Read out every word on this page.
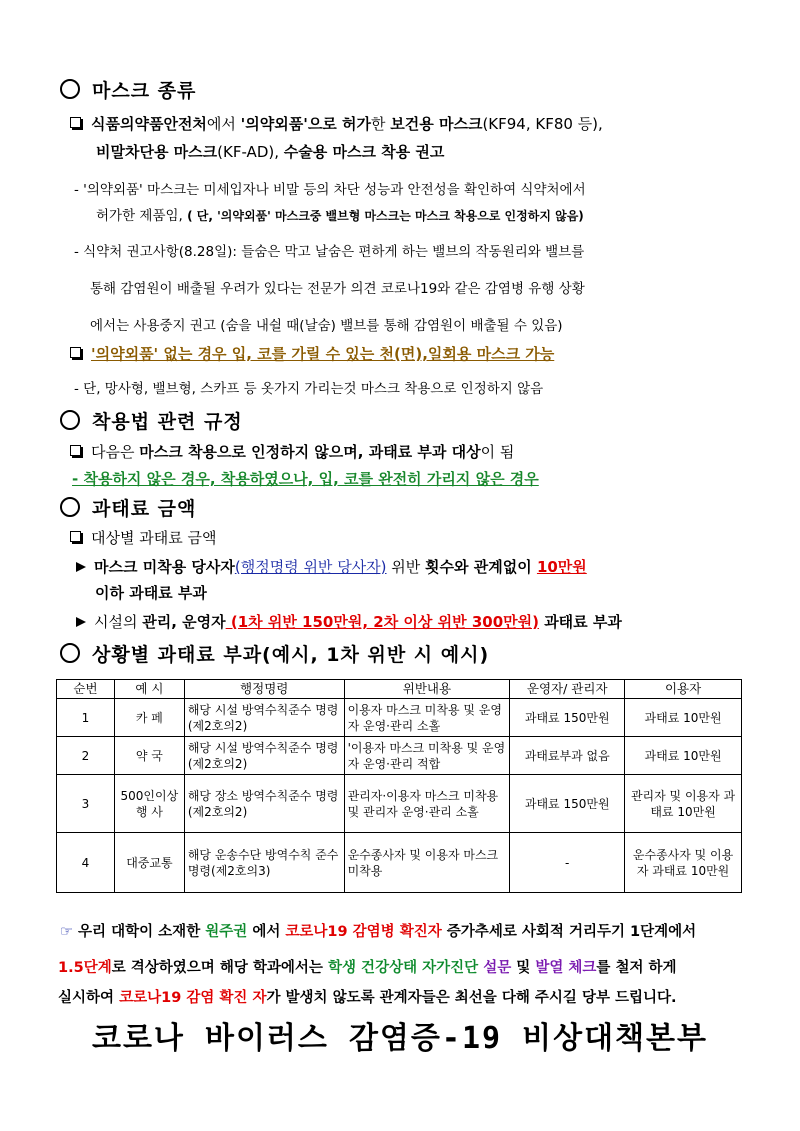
마스크 종류
식품의약품안전처에서 '의약외품'으로 허가한 보건용 마스크(KF94, KF80 등),
비말차단용 마스크(KF-AD), 수술용 마스크 착용 권고
- '의약외품' 마스크는 미세입자나 비말 등의 차단 성능과 안전성을 확인하여 식약처에서
허가한 제품임, ( 단, '의약외품' 마스크중 밸브형 마스크는 마스크 착용으로 인정하지 않음)
- 식약처 권고사항(8.28일): 들숨은 막고 날숨은 편하게 하는 밸브의 작동원리와 밸브를
통해 감염원이 배출될 우려가 있다는 전문가 의견 코로나19와 같은 감염병 유행 상황
에서는 사용중지 권고 (숨을 내쉴 때(날숨) 밸브를 통해 감염원이 배출될 수 있음)
'의약외품' 없는 경우 입, 코를 가릴 수 있는 천(면),일회용 마스크 가능
- 단, 망사형, 밸브형, 스카프 등 옷가지 가리는것 마스크 착용으로 인정하지 않음
착용법 관련 규정
다음은 마스크 착용으로 인정하지 않으며, 과태료 부과 대상이 됨
- 착용하지 않은 경우, 착용하였으나, 입, 코를 완전히 가리지 않은 경우
과태료 금액
대상별 과태료 금액
마스크 미착용 당사자(행정명령 위반 당사자) 위반 횟수와 관계없이 10만원
이하 과태료 부과
시설의 관리, 운영자 (1차 위반 150만원, 2차 이상 위반 300만원) 과태료 부과
상황별 과태료 부과(예시, 1차 위반 시 예시)
순번	예 시	행정명령	위반내용	운영자/ 관리자	이용자
1	카 페	해당 시설 방역수칙준수 명령(제2호의2)	이용자 마스크 미착용 및 운영자 운영·관리 소홀	과태료 150만원	과태료 10만원
2	약 국	해당 시설 방역수칙준수 명령(제2호의2)	'이용자 마스크 미착용 및 운영자 운영·관리 적합	과태료부과 없음	과태료 10만원
3	500인이상 행 사	해당 장소 방역수칙준수 명령(제2호의2)	관리자·이용자 마스크 미착용 및 관리자 운영·관리 소홀	과태료 150만원	관리자 및 이용자 과태료 10만원
4	대중교통	해당 운송수단 방역수칙 준수명령(제2호의3)	운수종사자 및 이용자 마스크 미착용	-	운수종사자 및 이용자 과태료 10만원
☞ 우리 대학이 소재한 원주권 에서 코로나19 감염병 확진자 증가추세로 사회적 거리두기 1단계에서
1.5단계로 격상하였으며 해당 학과에서는 학생 건강상태 자가진단 설문 및 발열 체크를 철저 하게
실시하여 코로나19 감염 확진 자가 발생치 않도록 관계자들은 최선을 다해 주시길 당부 드립니다.
코로나 바이러스 감염증-19 비상대책본부
